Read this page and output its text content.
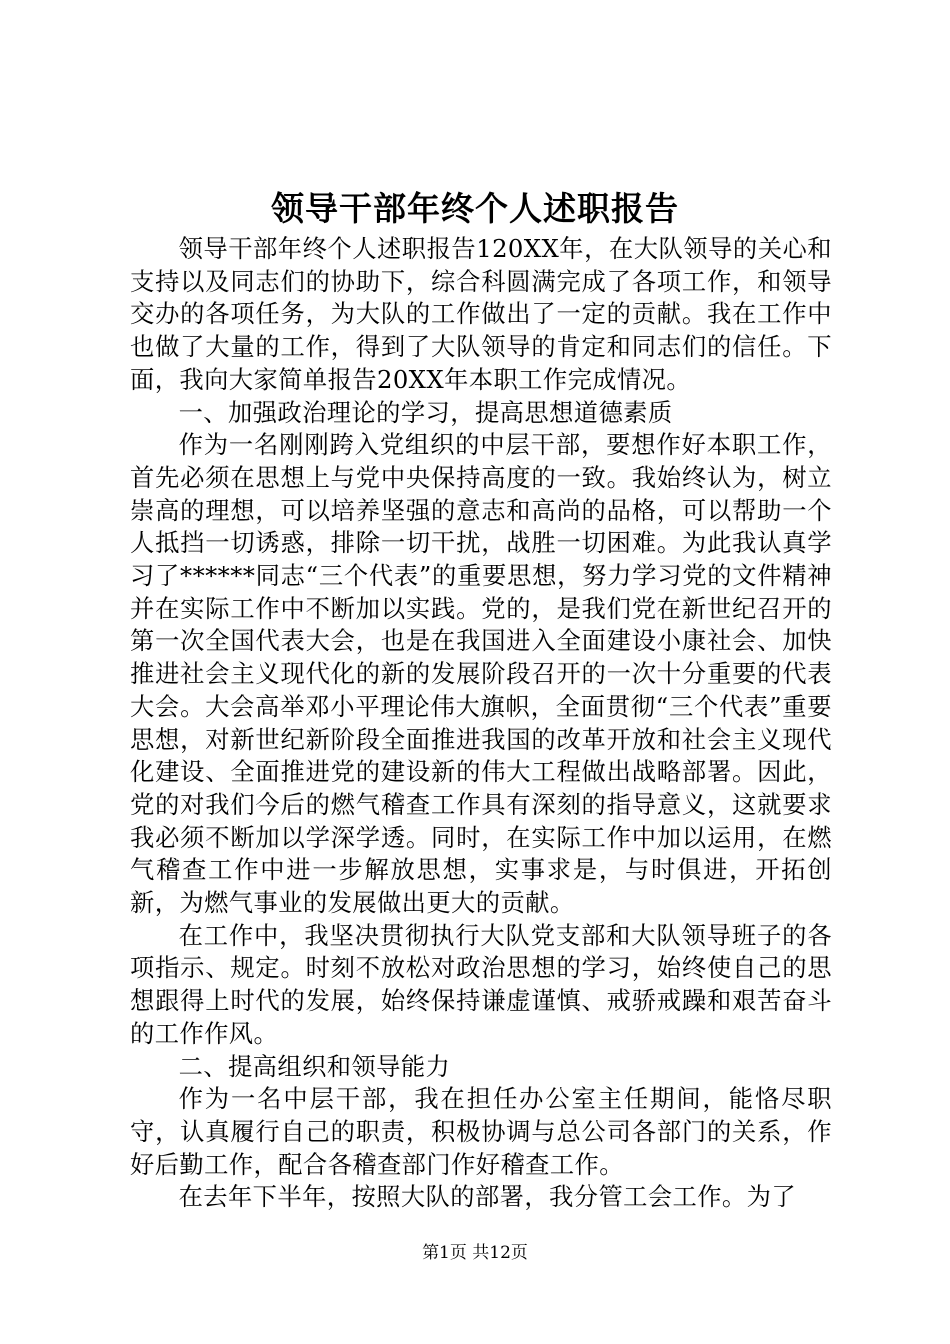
领导干部年终个人述职报告

领导干部年终个人述职报告120XX年，在大队领导的关心和支持以及同志们的协助下，综合科圆满完成了各项工作，和领导交办的各项任务，为大队的工作做出了一定的贡献。我在工作中也做了大量的工作，得到了大队领导的肯定和同志们的信任。下面，我向大家简单报告20XX年本职工作完成情况。

一、加强政治理论的学习，提高思想道德素质

作为一名刚刚跨入党组织的中层干部，要想作好本职工作，首先必须在思想上与党中央保持高度的一致。我始终认为，树立崇高的理想，可以培养坚强的意志和高尚的品格，可以帮助一个人抵挡一切诱惑，排除一切干扰，战胜一切困难。为此我认真学习了******同志“三个代表”的重要思想，努力学习党的文件精神并在实际工作中不断加以实践。党的，是我们党在新世纪召开的第一次全国代表大会，也是在我国进入全面建设小康社会、加快推进社会主义现代化的新的发展阶段召开的一次十分重要的代表大会。大会高举邓小平理论伟大旗帜，全面贯彻“三个代表”重要思想，对新世纪新阶段全面推进我国的改革开放和社会主义现代化建设、全面推进党的建设新的伟大工程做出战略部署。因此，党的对我们今后的燃气稽查工作具有深刻的指导意义，这就要求我必须不断加以学深学透。同时，在实际工作中加以运用，在燃气稽查工作中进一步解放思想，实事求是，与时俱进，开拓创新，为燃气事业的发展做出更大的贡献。

在工作中，我坚决贯彻执行大队党支部和大队领导班子的各项指示、规定。时刻不放松对政治思想的学习，始终使自己的思想跟得上时代的发展，始终保持谦虚谨慎、戒骄戒躁和艰苦奋斗的工作作风。

二、提高组织和领导能力

作为一名中层干部，我在担任办公室主任期间，能恪尽职守，认真履行自己的职责，积极协调与总公司各部门的关系，作好后勤工作，配合各稽查部门作好稽查工作。

在去年下半年，按照大队的部署，我分管工会工作。为了

第1页 共12页
